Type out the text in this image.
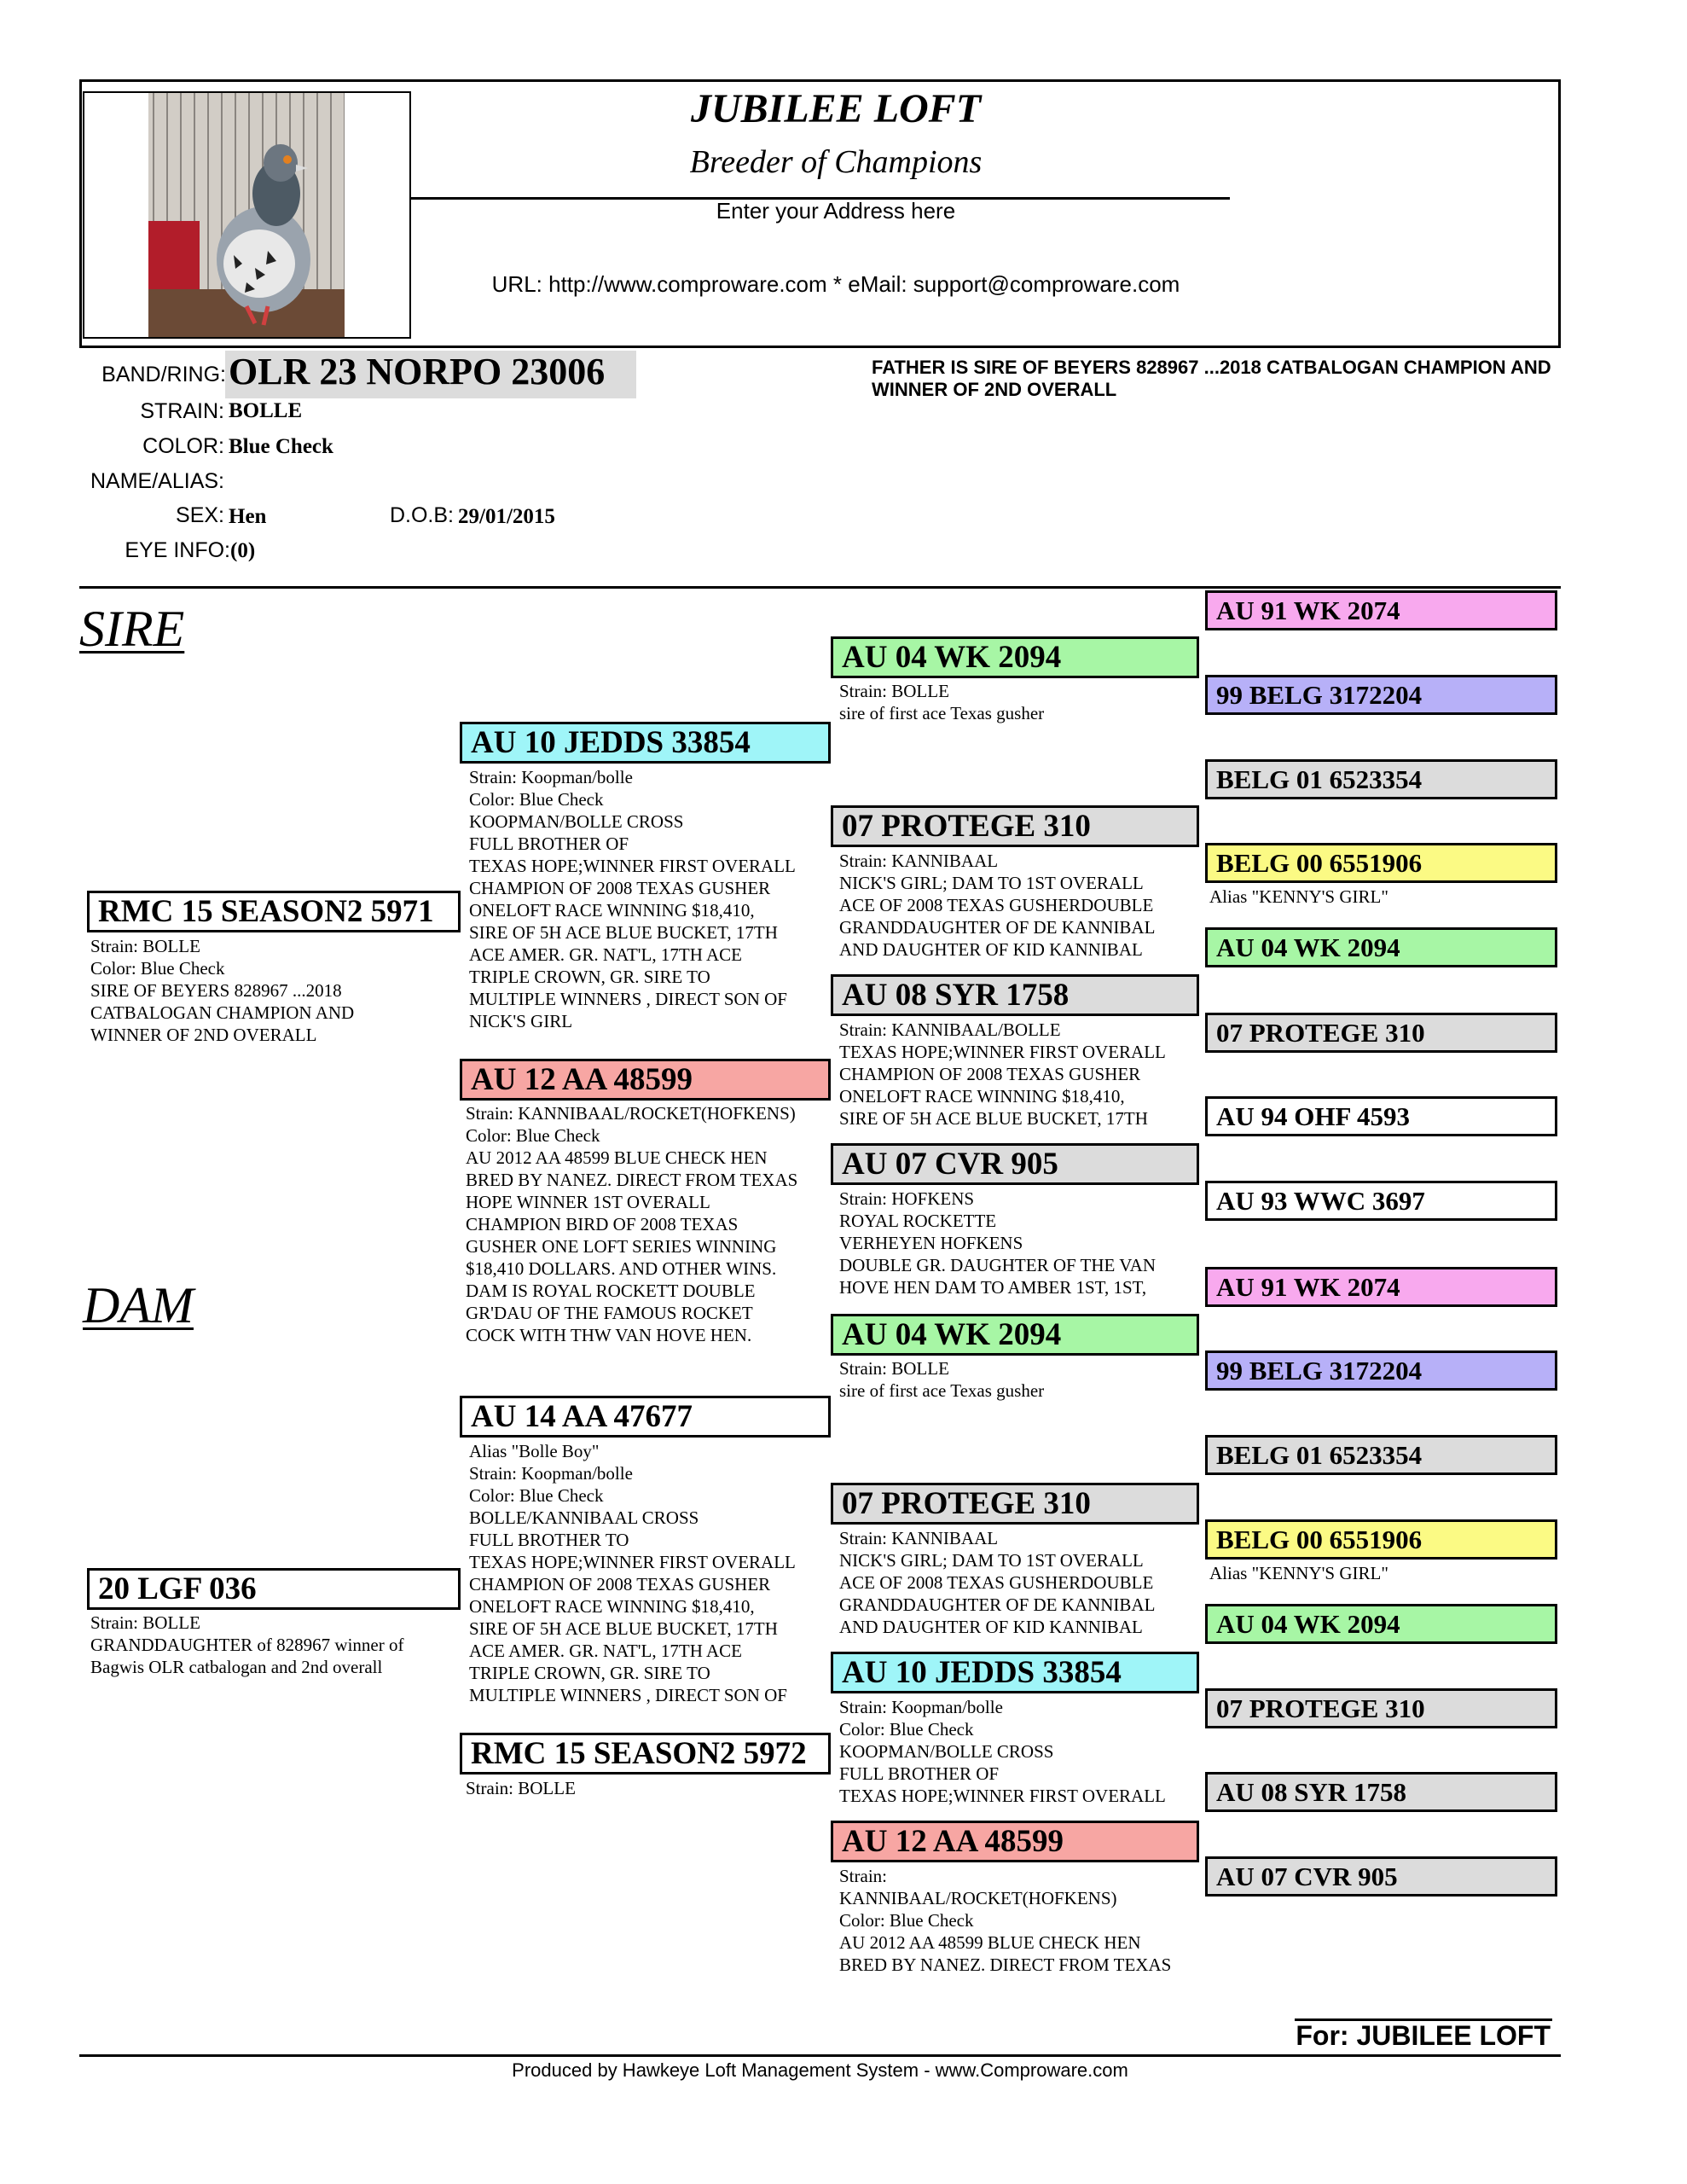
JUBILEE LOFT
Breeder of Champions
Enter your Address here
URL: http://www.comproware.com * eMail: support@comproware.com
BAND/RING: OLR 23 NORPO 23006
STRAIN: BOLLE
COLOR: Blue Check
NAME/ALIAS:
SEX: Hen	D.O.B: 29/01/2015
EYE INFO: (0)
FATHER IS SIRE OF BEYERS 828967 ...2018 CATBALOGAN CHAMPION AND WINNER OF 2ND OVERALL
SIRE
DAM
RMC 15 SEASON2 5971
Strain: BOLLE
Color: Blue Check
SIRE OF BEYERS 828967 ...2018
CATBALOGAN CHAMPION AND
WINNER OF 2ND OVERALL
20 LGF 036
Strain: BOLLE
GRANDDAUGHTER of 828967 winner of
Bagwis OLR catbalogan and 2nd overall
AU 10 JEDDS 33854
Strain: Koopman/bolle
Color: Blue Check
KOOPMAN/BOLLE CROSS
FULL BROTHER OF
TEXAS HOPE;WINNER FIRST OVERALL
CHAMPION OF 2008 TEXAS GUSHER
ONELOFT RACE WINNING $18,410,
SIRE OF 5H ACE BLUE BUCKET, 17TH
ACE AMER. GR. NAT'L, 17TH ACE
TRIPLE CROWN, GR. SIRE TO
MULTIPLE WINNERS , DIRECT SON OF
NICK'S GIRL
AU 12 AA 48599
Strain: KANNIBAAL/ROCKET(HOFKENS)
Color: Blue Check
AU 2012 AA 48599 BLUE CHECK HEN
BRED BY NANEZ. DIRECT FROM TEXAS
HOPE WINNER 1ST OVERALL
CHAMPION BIRD OF 2008 TEXAS
GUSHER ONE LOFT SERIES WINNING
$18,410 DOLLARS. AND OTHER WINS.
DAM IS ROYAL ROCKETT DOUBLE
GR'DAU OF THE FAMOUS ROCKET
COCK WITH THW VAN HOVE HEN.
AU 14 AA 47677
Alias "Bolle Boy"
Strain: Koopman/bolle
Color: Blue Check
BOLLE/KANNIBAAL CROSS
FULL BROTHER TO
TEXAS HOPE;WINNER FIRST OVERALL
CHAMPION OF 2008 TEXAS GUSHER
ONELOFT RACE WINNING $18,410,
SIRE OF 5H ACE BLUE BUCKET, 17TH
ACE AMER. GR. NAT'L, 17TH ACE
TRIPLE CROWN, GR. SIRE TO
MULTIPLE WINNERS , DIRECT SON OF
RMC 15 SEASON2 5972
Strain: BOLLE
AU 04 WK 2094
Strain: BOLLE
sire of first ace Texas gusher
07 PROTEGE 310
Strain: KANNIBAAL
NICK'S GIRL; DAM TO 1ST OVERALL
ACE OF 2008 TEXAS GUSHERDOUBLE
GRANDDAUGHTER OF DE KANNIBAL
AND DAUGHTER OF KID KANNIBAL
AU 08 SYR 1758
Strain: KANNIBAAL/BOLLE
TEXAS HOPE;WINNER FIRST OVERALL
CHAMPION OF 2008 TEXAS GUSHER
ONELOFT RACE WINNING $18,410,
SIRE OF 5H ACE BLUE BUCKET, 17TH
AU 07 CVR 905
Strain: HOFKENS
ROYAL ROCKETTE
VERHEYEN HOFKENS
DOUBLE GR. DAUGHTER OF THE VAN
HOVE HEN DAM TO AMBER 1ST, 1ST,
AU 04 WK 2094
Strain: BOLLE
sire of first ace Texas gusher
07 PROTEGE 310
Strain: KANNIBAAL
NICK'S GIRL; DAM TO 1ST OVERALL
ACE OF 2008 TEXAS GUSHERDOUBLE
GRANDDAUGHTER OF DE KANNIBAL
AND DAUGHTER OF KID KANNIBAL
AU 10 JEDDS 33854
Strain: Koopman/bolle
Color: Blue Check
KOOPMAN/BOLLE CROSS
FULL BROTHER OF
TEXAS HOPE;WINNER FIRST OVERALL
AU 12 AA 48599
Strain:
KANNIBAAL/ROCKET(HOFKENS)
Color: Blue Check
AU 2012 AA 48599 BLUE CHECK HEN
BRED BY NANEZ. DIRECT FROM TEXAS
AU 91 WK 2074
99 BELG 3172204
BELG 01 6523354
BELG 00 6551906
Alias "KENNY'S GIRL"
AU 04 WK 2094
07 PROTEGE 310
AU 94 OHF 4593
AU 93 WWC 3697
AU 91 WK 2074
99 BELG 3172204
BELG 01 6523354
BELG 00 6551906
Alias "KENNY'S GIRL"
AU 04 WK 2094
07 PROTEGE 310
AU 08 SYR 1758
AU 07 CVR 905
For: JUBILEE LOFT
Produced by Hawkeye Loft Management System - www.Comproware.com
